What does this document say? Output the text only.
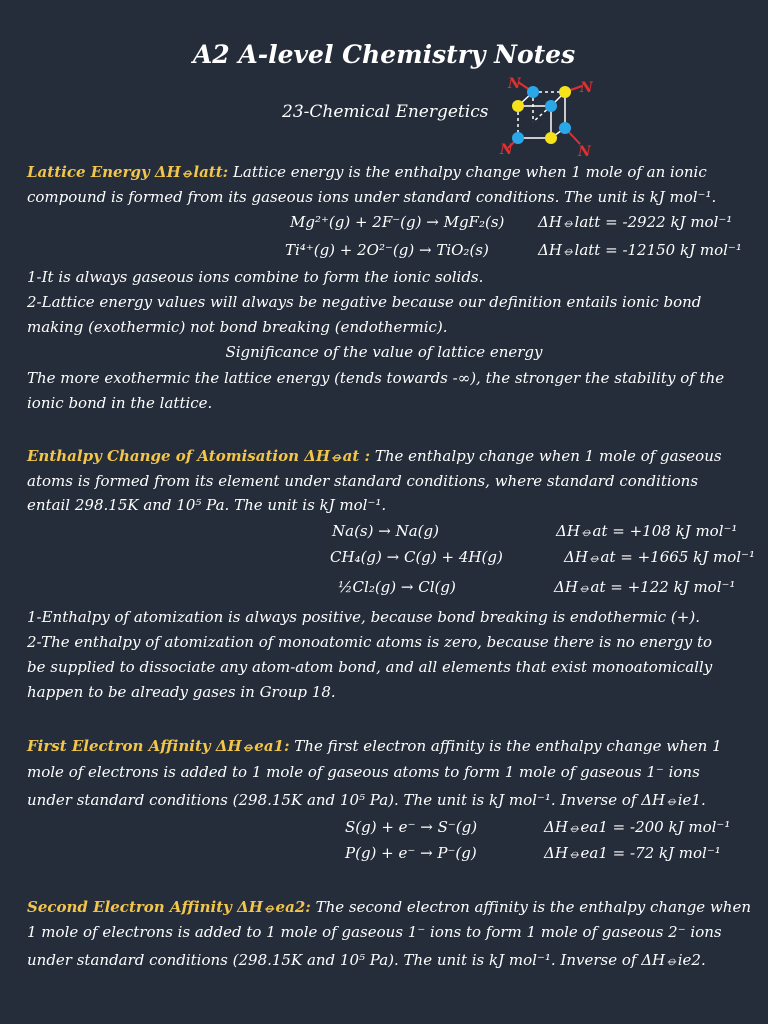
A2 A-level Chemistry Notes
23-Chemical Energetics
N	N
N	N
Lattice Energy ΔH⦵latt: Lattice energy is the enthalpy change when 1 mole of an ionic
compound is formed from its gaseous ions under standard conditions. The unit is kJ mol⁻¹.
Mg²⁺(g) + 2F⁻(g) → MgF₂(s) ΔH⦵latt = -2922 kJ mol⁻¹
Ti⁴⁺(g) + 2O²⁻(g) → TiO₂(s)	ΔH⦵latt = -12150 kJ mol⁻¹
1-It is always gaseous ions combine to form the ionic solids.
2-Lattice energy values will always be negative because our definition entails ionic bond
making (exothermic) not bond breaking (endothermic).
Significance of the value of lattice energy
The more exothermic the lattice energy (tends towards -∞), the stronger the stability of the
ionic bond in the lattice.
Enthalpy Change of Atomisation ΔH⦵at : The enthalpy change when 1 mole of gaseous
atoms is formed from its element under standard conditions, where standard conditions
entail 298.15K and 10⁵ Pa. The unit is kJ mol⁻¹.
Na(s) → Na(g)	ΔH⦵at = +108 kJ mol⁻¹
CH₄(g) → C(g) + 4H(g)	ΔH⦵at = +1665 kJ mol⁻¹
½Cl₂(g) → Cl(g)	ΔH⦵at = +122 kJ mol⁻¹
1-Enthalpy of atomization is always positive, because bond breaking is endothermic (+).
2-The enthalpy of atomization of monoatomic atoms is zero, because there is no energy to
be supplied to dissociate any atom-atom bond, and all elements that exist monoatomically
happen to be already gases in Group 18.
First Electron Affinity ΔH⦵ea1: The first electron affinity is the enthalpy change when 1
mole of electrons is added to 1 mole of gaseous atoms to form 1 mole of gaseous 1⁻ ions
under standard conditions (298.15K and 10⁵ Pa). The unit is kJ mol⁻¹. Inverse of ΔH⦵ie1.
S(g) + e⁻ → S⁻(g)	ΔH⦵ea1 = -200 kJ mol⁻¹
P(g) + e⁻ → P⁻(g)	ΔH⦵ea1 = -72 kJ mol⁻¹
Second Electron Affinity ΔH⦵ea2: The second electron affinity is the enthalpy change when
1 mole of electrons is added to 1 mole of gaseous 1⁻ ions to form 1 mole of gaseous 2⁻ ions
under standard conditions (298.15K and 10⁵ Pa). The unit is kJ mol⁻¹. Inverse of ΔH⦵ie2.
